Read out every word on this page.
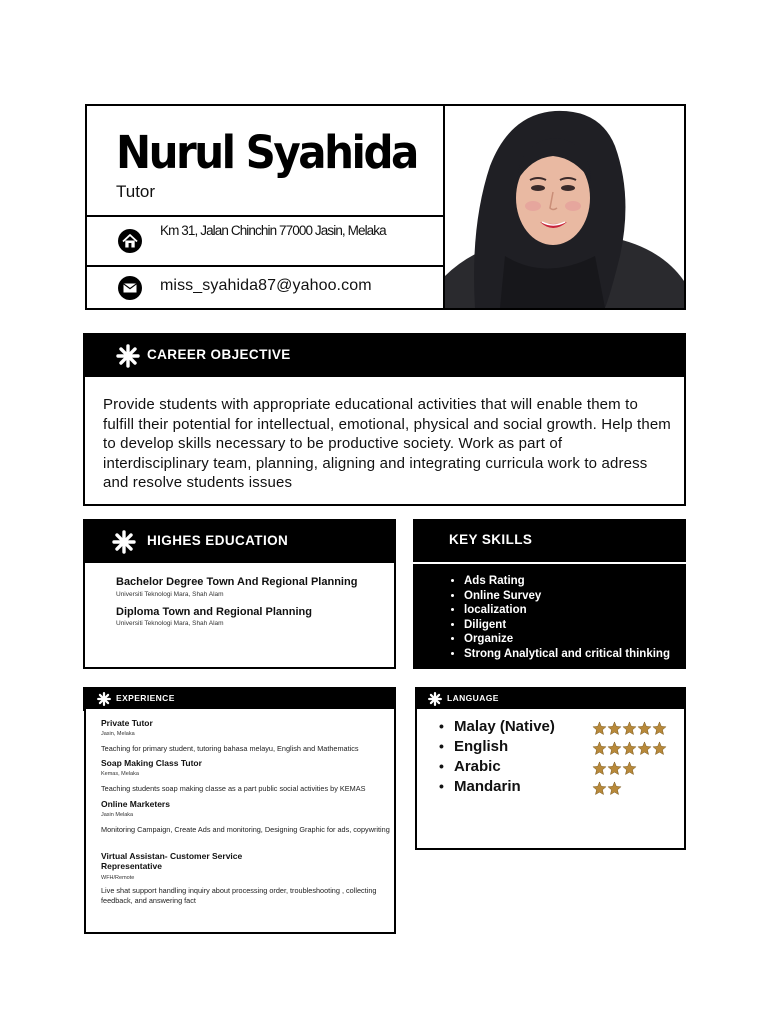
Nurul Syahida
Tutor
Km 31, Jalan Chinchin 77000 Jasin, Melaka
miss_syahida87@yahoo.com
CAREER OBJECTIVE
Provide students with appropriate educational activities that will enable them to fulfill their potential for intellectual, emotional, physical and social growth. Help them to develop skills necessary to be productive society. Work as part of interdisciplinary team, planning, aligning and integrating curricula work to adress and resolve students issues
HIGHES EDUCATION
Bachelor Degree Town And Regional Planning
Universiti Teknologi Mara, Shah Alam
Diploma Town and Regional Planning
Universiti Teknologi Mara, Shah Alam
KEY SKILLS
• Ads Rating
• Online Survey
• localization
• Diligent
• Organize
• Strong Analytical and critical thinking
EXPERIENCE
Private Tutor
Jasin, Melaka
Teaching for primary student, tutoring bahasa melayu, English and Mathematics
Soap Making Class Tutor
Kemas, Melaka
Teaching students soap making classe as a part public social activities by KEMAS
Online Marketers
Jasin Melaka
Monitoring Campaign, Create Ads and monitoring, Designing Graphic for ads, copywriting
Virtual Assistan- Customer Service Representative
WFH/Remote
Live shat support handling inquiry about processing order, troubleshooting , collecting feedback, and answering fact
LANGUAGE
• Malay (Native)
• English
• Arabic
• Mandarin
